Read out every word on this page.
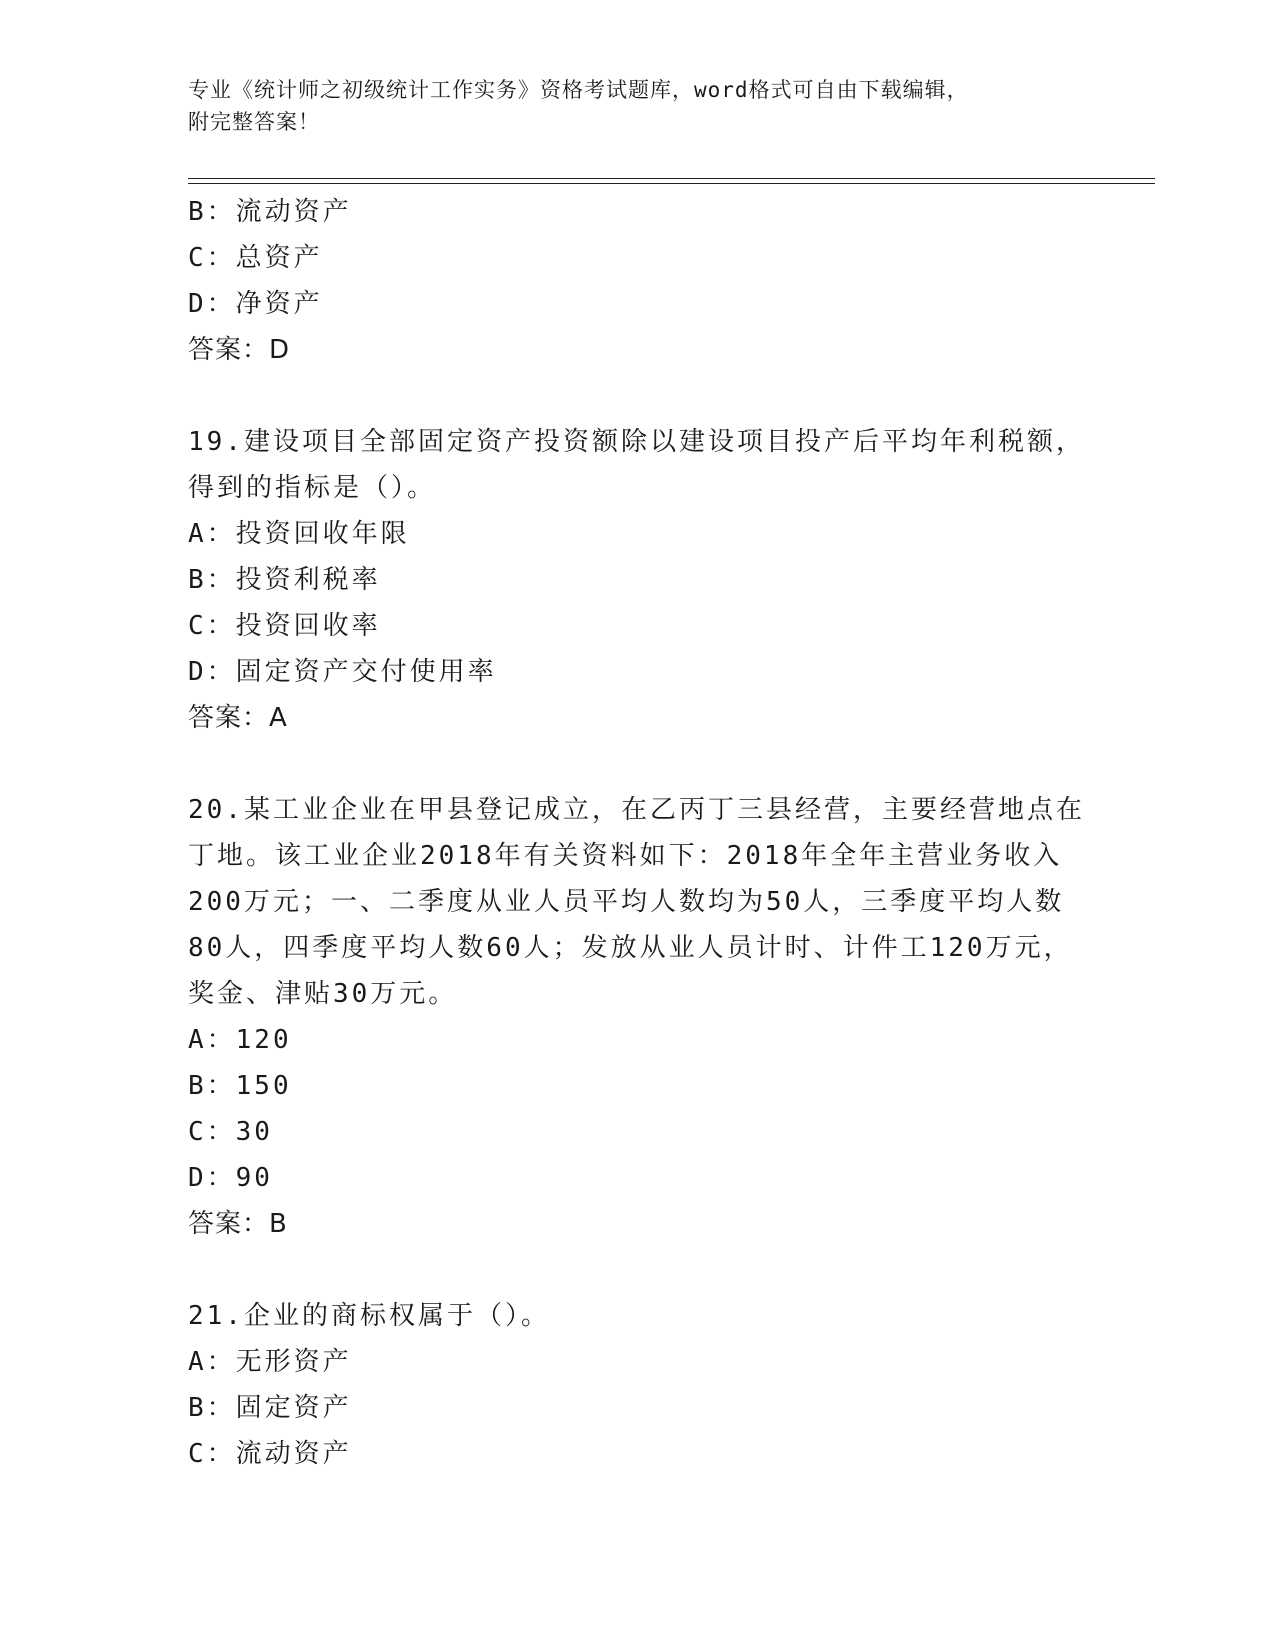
专业《统计师之初级统计工作实务》资格考试题库，word格式可自由下载编辑，
附完整答案！
B：流动资产
C：总资产
D：净资产
答案：D
19.建设项目全部固定资产投资额除以建设项目投产后平均年利税额，
得到的指标是（）。
A：投资回收年限
B：投资利税率
C：投资回收率
D：固定资产交付使用率
答案：A
20.某工业企业在甲县登记成立，在乙丙丁三县经营，主要经营地点在
丁地。该工业企业2018年有关资料如下：2018年全年主营业务收入
200万元；一、二季度从业人员平均人数均为50人，三季度平均人数
80人，四季度平均人数60人；发放从业人员计时、计件工120万元，
奖金、津贴30万元。
A：120
B：150
C：30
D：90
答案：B
21.企业的商标权属于（）。
A：无形资产
B：固定资产
C：流动资产
